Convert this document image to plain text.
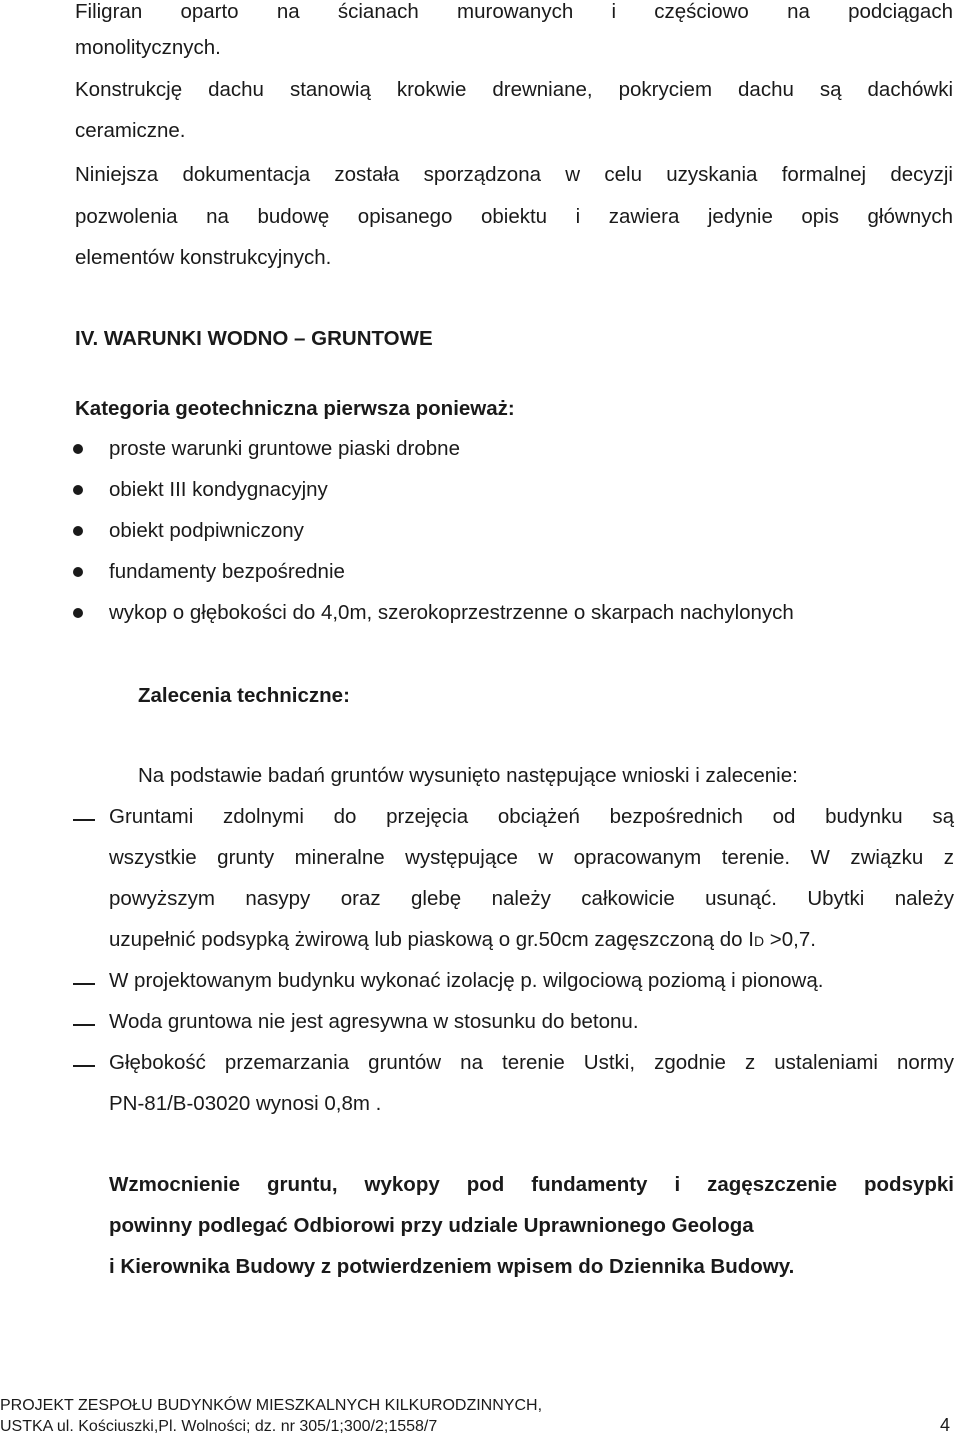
Filigran oparto na ścianach murowanych i częściowo na podciągach
monolitycznych.
Konstrukcję dachu stanowią krokwie drewniane, pokryciem dachu są dachówki
ceramiczne.
Niniejsza dokumentacja została sporządzona w celu uzyskania formalnej decyzji
pozwolenia na budowę opisanego obiektu i zawiera jedynie opis głównych
elementów konstrukcyjnych.
IV. WARUNKI WODNO – GRUNTOWE
Kategoria geotechniczna pierwsza ponieważ:
proste warunki gruntowe piaski drobne
obiekt III kondygnacyjny
obiekt podpiwniczony
fundamenty bezpośrednie
wykop o głębokości do 4,0m, szerokoprzestrzenne o skarpach nachylonych
Zalecenia techniczne:
Na podstawie badań gruntów wysunięto następujące wnioski i zalecenie:
Gruntami zdolnymi do przejęcia obciążeń bezpośrednich od budynku są
wszystkie grunty mineralne występujące w opracowanym terenie. W związku z
powyższym nasypy oraz glebę należy całkowicie usunąć. Ubytki należy
uzupełnić podsypką żwirową lub piaskową o gr.50cm zagęszczoną do ID >0,7.
W projektowanym budynku wykonać izolację p. wilgociową poziomą i pionową.
Woda gruntowa nie jest agresywna w stosunku do betonu.
Głębokość przemarzania gruntów na terenie Ustki, zgodnie z ustaleniami normy
PN-81/B-03020 wynosi 0,8m .
Wzmocnienie gruntu, wykopy pod fundamenty i zagęszczenie podsypki
powinny podlegać Odbiorowi przy udziale Uprawnionego Geologa
i Kierownika Budowy z potwierdzeniem wpisem do Dziennika Budowy.
PROJEKT ZESPOŁU BUDYNKÓW MIESZKALNYCH KILKURODZINNYCH,
USTKA ul. Kościuszki,Pl. Wolności; dz. nr 305/1;300/2;1558/7	4
